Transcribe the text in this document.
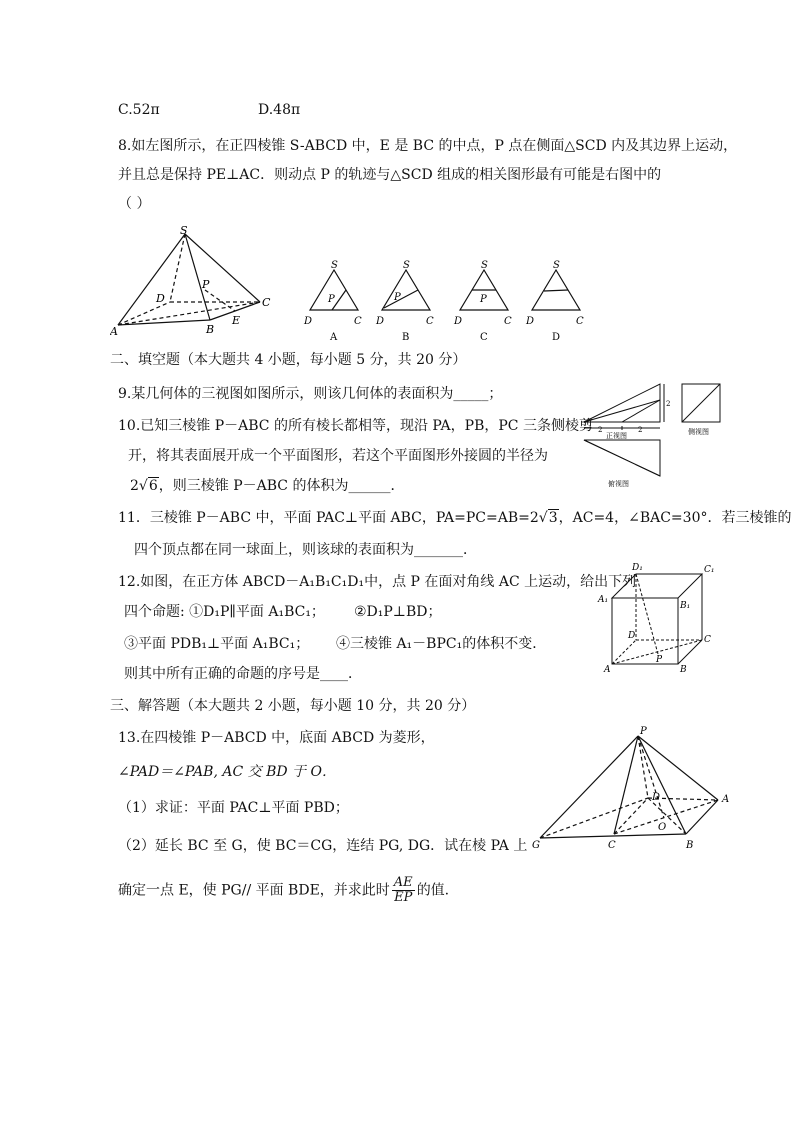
C.52π	D.48π
8.如左图所示，在正四棱锥 S-ABCD 中，E 是 BC 的中点，P 点在侧面△SCD 内及其边界上运动，
并且总是保持 PE⊥AC．则动点 P 的轨迹与△SCD 组成的相关图形最有可能是右图中的
（ ）
S
A	B
C
D
E
P
S
P
D	C
A
S
P
D	C
B
S
P
D	C
C
S
D	C
D
二、填空题（本大题共 4 小题，每小题 5 分，共 20 分）
9.某几何体的三视图如图所示，则该几何体的表面积为_____；
2	2
2
正视图	侧视图
俯视图
10.已知三棱锥 P－ABC 的所有棱长都相等，现沿 PA，PB，PC 三条侧棱剪
开，将其表面展开成一个平面图形，若这个平面图形外接圆的半径为
2√6，则三棱锥 P－ABC 的体积为______．
11．三棱锥 P－ABC 中，平面 PAC⊥平面 ABC，PA=PC=AB=2√3，AC=4，∠BAC=30°．若三棱锥的
四个顶点都在同一球面上，则该球的表面积为_______．
12.如图，在正方体 ABCD－A₁B₁C₁D₁中，点 P 在面对角线 AC 上运动，给出下列
四个命题: ①D₁P∥平面 A₁BC₁； ②D₁P⊥BD；
③平面 PDB₁⊥平面 A₁BC₁； ④三棱锥 A₁－BPC₁的体积不变．
则其中所有正确的命题的序号是____．
D₁	C₁
A₁
B₁
D	C
A	B
P
三、解答题（本大题共 2 小题，每小题 10 分，共 20 分）
13.在四棱锥 P－ABCD 中，底面 ABCD 为菱形，
∠PAD＝∠PAB, AC 交 BD 于 O．
（1）求证：平面 PAC⊥平面 PBD；
（2）延长 BC 至 G，使 BC＝CG，连结 PG, DG．试在棱 PA 上
确定一点 E，使 PG// 平面 BDE，并求此时 $\frac{AE}{EP}$ 的值.
P
A
B
C
D
G
O
